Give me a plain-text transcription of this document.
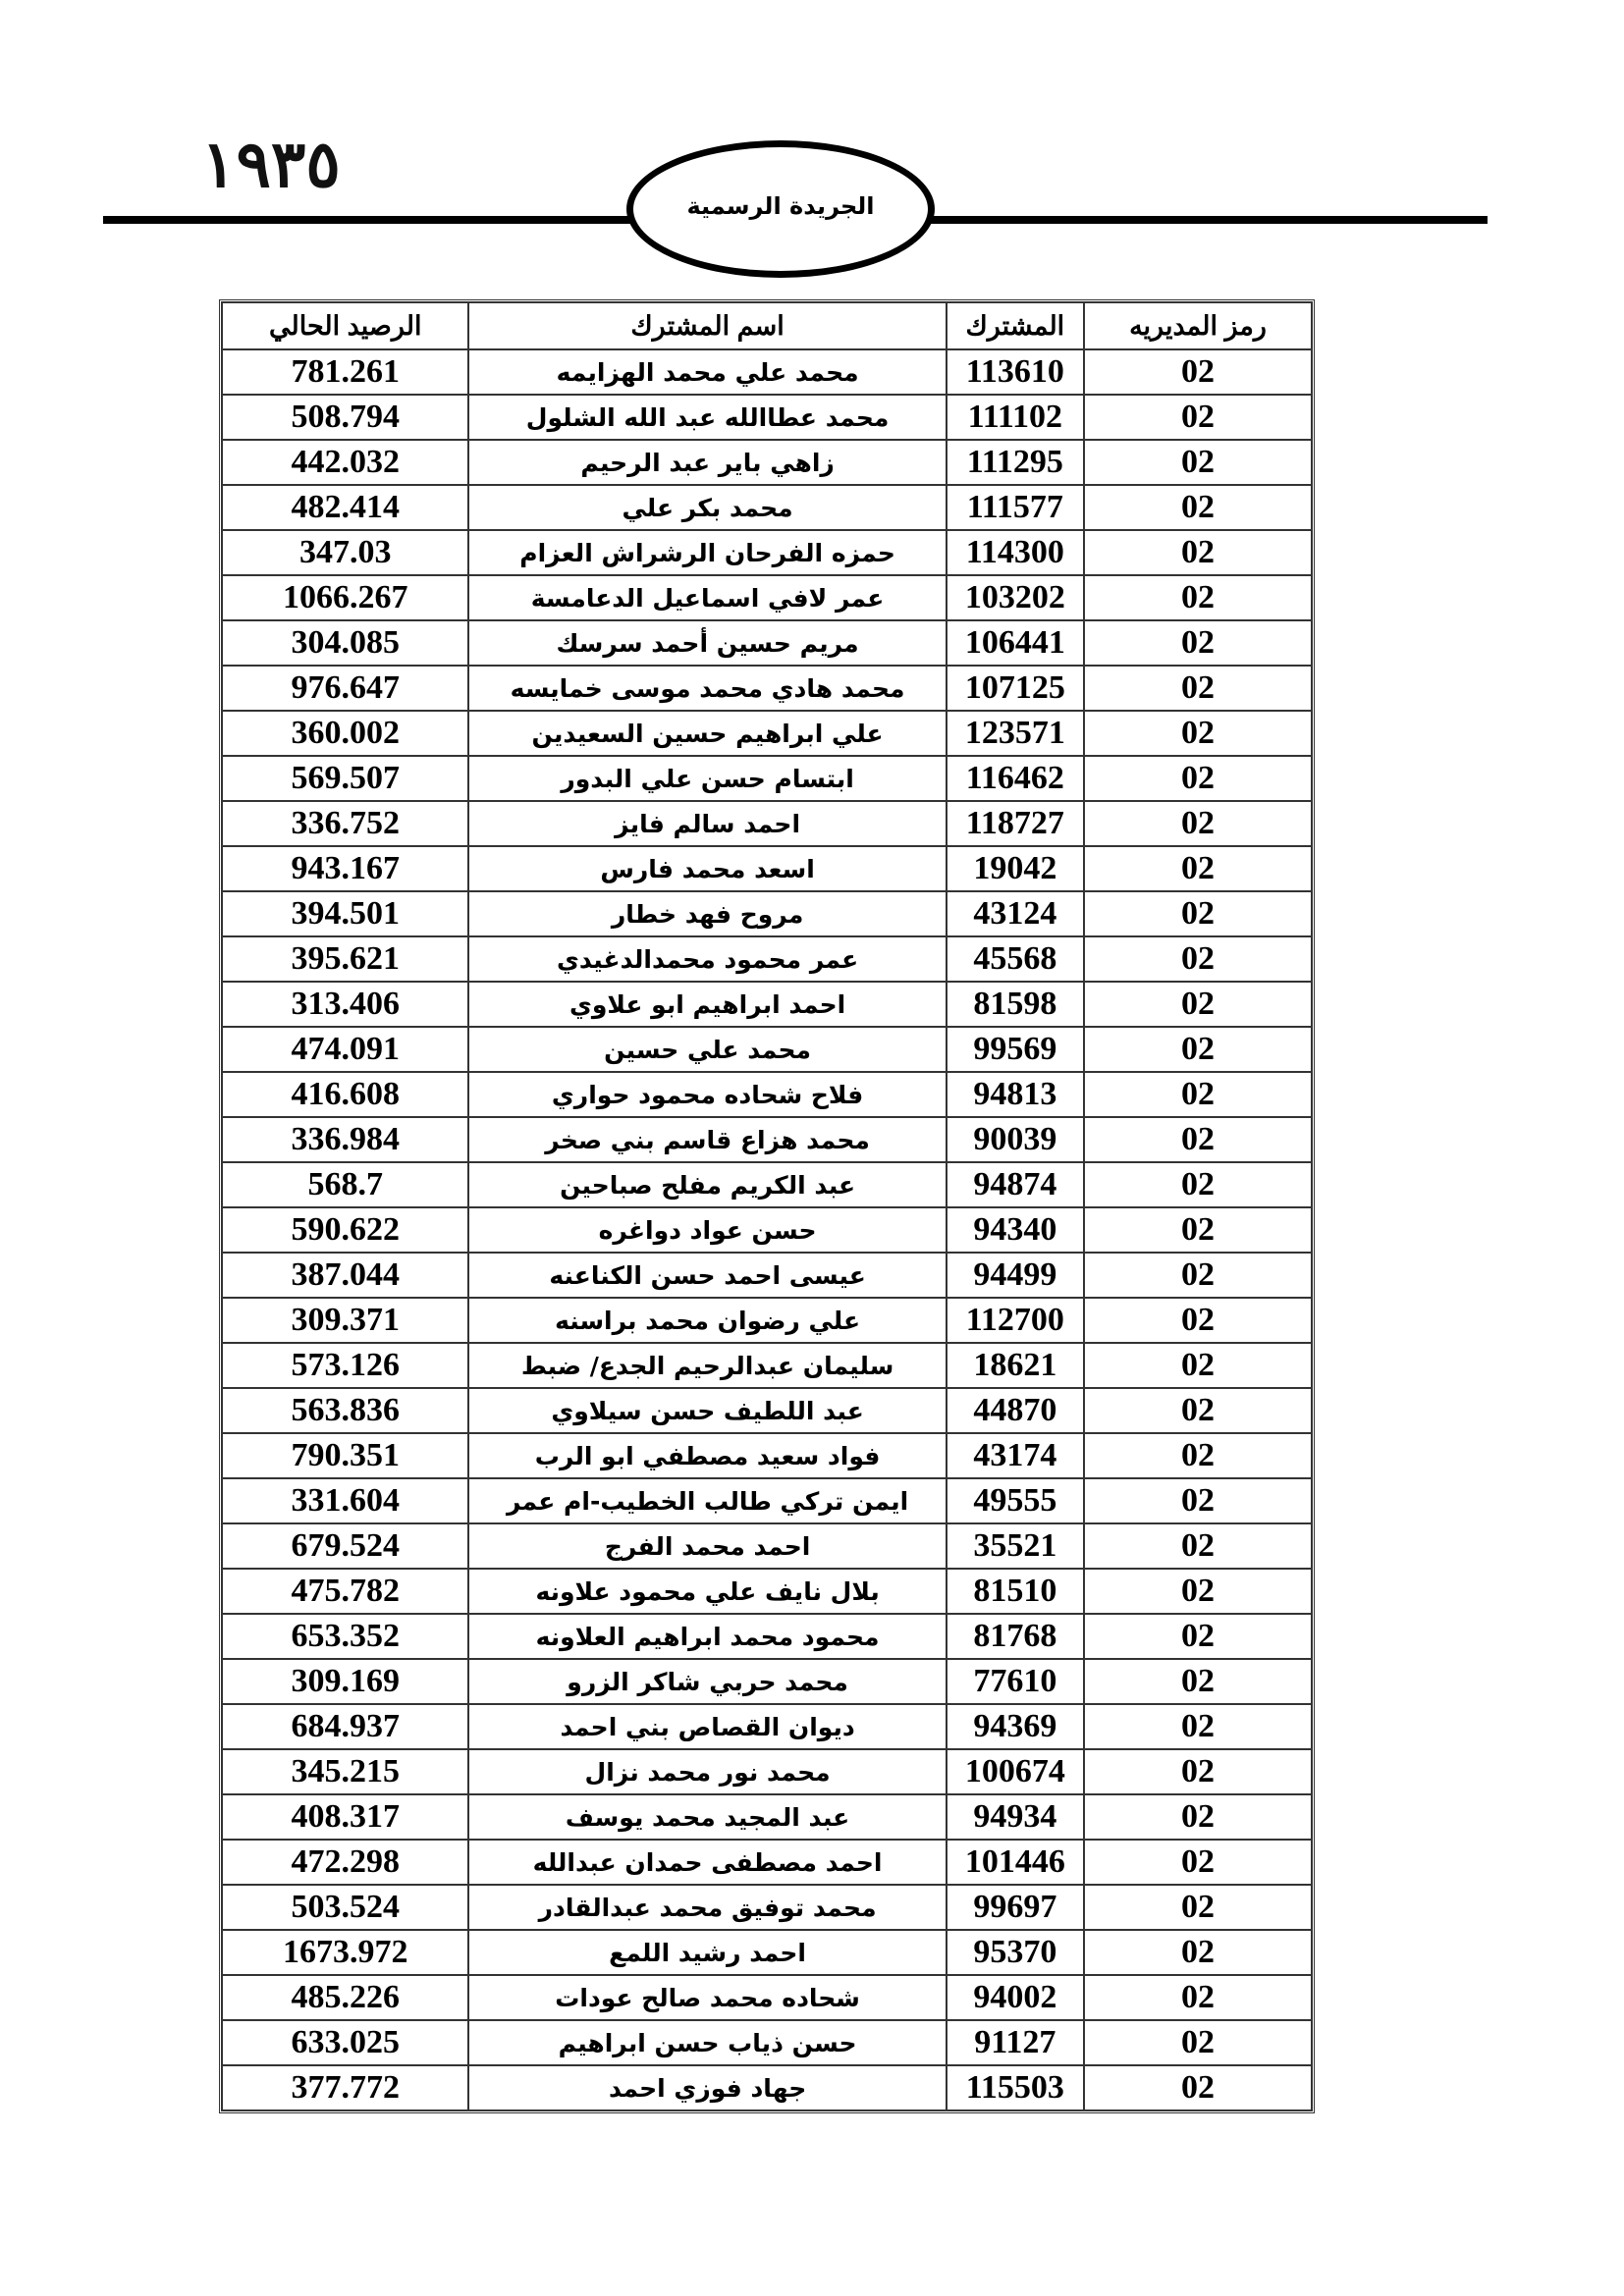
١٩٣٥
الجريدة الرسمية
رمز المديريه	المشترك	اسم المشترك	الرصيد الحالي
02	113610	محمد علي محمد الهزايمه	781.261
02	111102	محمد عطاالله عبد الله الشلول	508.794
02	111295	زاهي باير عبد الرحيم	442.032
02	111577	محمد بكر علي	482.414
02	114300	حمزه الفرحان الرشراش العزام	347.03
02	103202	عمر لافي اسماعيل الدعامسة	1066.267
02	106441	مريم حسين أحمد سرسك	304.085
02	107125	محمد هادي محمد موسى خمايسه	976.647
02	123571	علي ابراهيم حسين السعيدين	360.002
02	116462	ابتسام حسن علي البدور	569.507
02	118727	احمد سالم فايز	336.752
02	19042	اسعد محمد فارس	943.167
02	43124	مروح فهد خطار	394.501
02	45568	عمر محمود محمدالدغيدي	395.621
02	81598	احمد ابراهيم ابو علاوي	313.406
02	99569	محمد علي حسين	474.091
02	94813	فلاح شحاده محمود حواري	416.608
02	90039	محمد هزاع قاسم بني صخر	336.984
02	94874	عبد الكريم مفلح صباحين	568.7
02	94340	حسن عواد دواغره	590.622
02	94499	عيسى احمد حسن الكناعنه	387.044
02	112700	علي رضوان محمد براسنه	309.371
02	18621	سليمان عبدالرحيم الجدع/ ضبط	573.126
02	44870	عبد اللطيف حسن سيلاوي	563.836
02	43174	فواد سعيد مصطفي ابو الرب	790.351
02	49555	ايمن تركي طالب الخطيب-ام عمر	331.604
02	35521	احمد محمد الفرج	679.524
02	81510	بلال نايف علي محمود علاونه	475.782
02	81768	محمود محمد ابراهيم العلاونه	653.352
02	77610	محمد حربي شاكر الزرو	309.169
02	94369	ديوان القصاص بني احمد	684.937
02	100674	محمد نور محمد نزال	345.215
02	94934	عبد المجيد محمد يوسف	408.317
02	101446	احمد مصطفى حمدان عبدالله	472.298
02	99697	محمد توفيق محمد عبدالقادر	503.524
02	95370	احمد رشيد اللمع	1673.972
02	94002	شحاده محمد صالح عودات	485.226
02	91127	حسن ذياب حسن ابراهيم	633.025
02	115503	جهاد فوزي احمد	377.772
